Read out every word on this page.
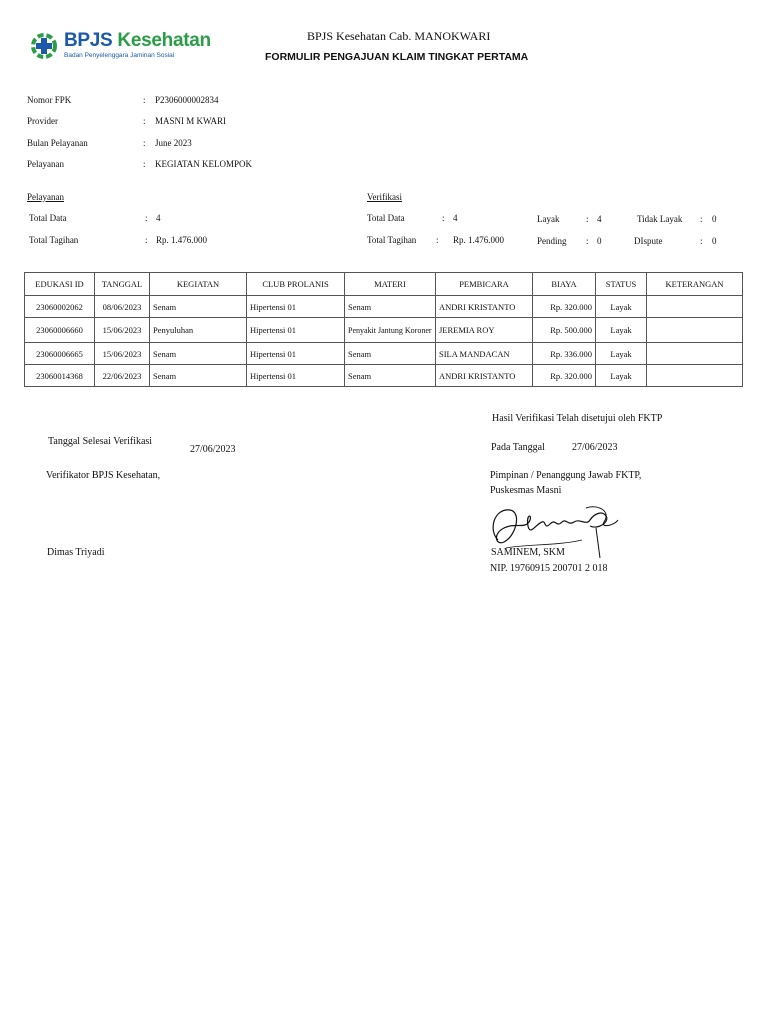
BPJS Kesehatan
Badan Penyelenggara Jaminan Sosial
BPJS Kesehatan Cab. MANOKWARI
FORMULIR PENGAJUAN KLAIM TINGKAT PERTAMA
Nomor FPK	: P2306000002834
Provider	: MASNI M KWARI
Bulan Pelayanan	: June 2023
Pelayanan	: KEGIATAN KELOMPOK
Pelayanan
Total Data	: 4
Total Tagihan	: Rp. 1.476.000
Verifikasi
Total Data	: 4
Total Tagihan : Rp. 1.476.000
Layak	: 4
Pending : 0
Tidak Layak : 0
DIspute	: 0
EDUKASI ID	TANGGAL	KEGIATAN	CLUB PROLANIS	MATERI	PEMBICARA	BIAYA	STATUS	KETERANGAN
23060002062	08/06/2023	Senam	Hipertensi 01	Senam	ANDRI KRISTANTO	Rp. 320.000	Layak	
23060006660	15/06/2023	Penyuluhan	Hipertensi 01	Penyakit Jantung Koroner	JEREMIA ROY	Rp. 500.000	Layak	
23060006665	15/06/2023	Senam	Hipertensi 01	Senam	SILA MANDACAN	Rp. 336.000	Layak	
23060014368	22/06/2023	Senam	Hipertensi 01	Senam	ANDRI KRISTANTO	Rp. 320.000	Layak	
Tanggal Selesai Verifikasi
27/06/2023
Verifikator BPJS Kesehatan,
Dimas Triyadi
Hasil Verifikasi Telah disetujui oleh FKTP
Pada Tanggal	27/06/2023
Pimpinan / Penanggung Jawab FKTP,
Puskesmas Masni
SAMINEM, SKM
NIP. 19760915 200701 2 018
